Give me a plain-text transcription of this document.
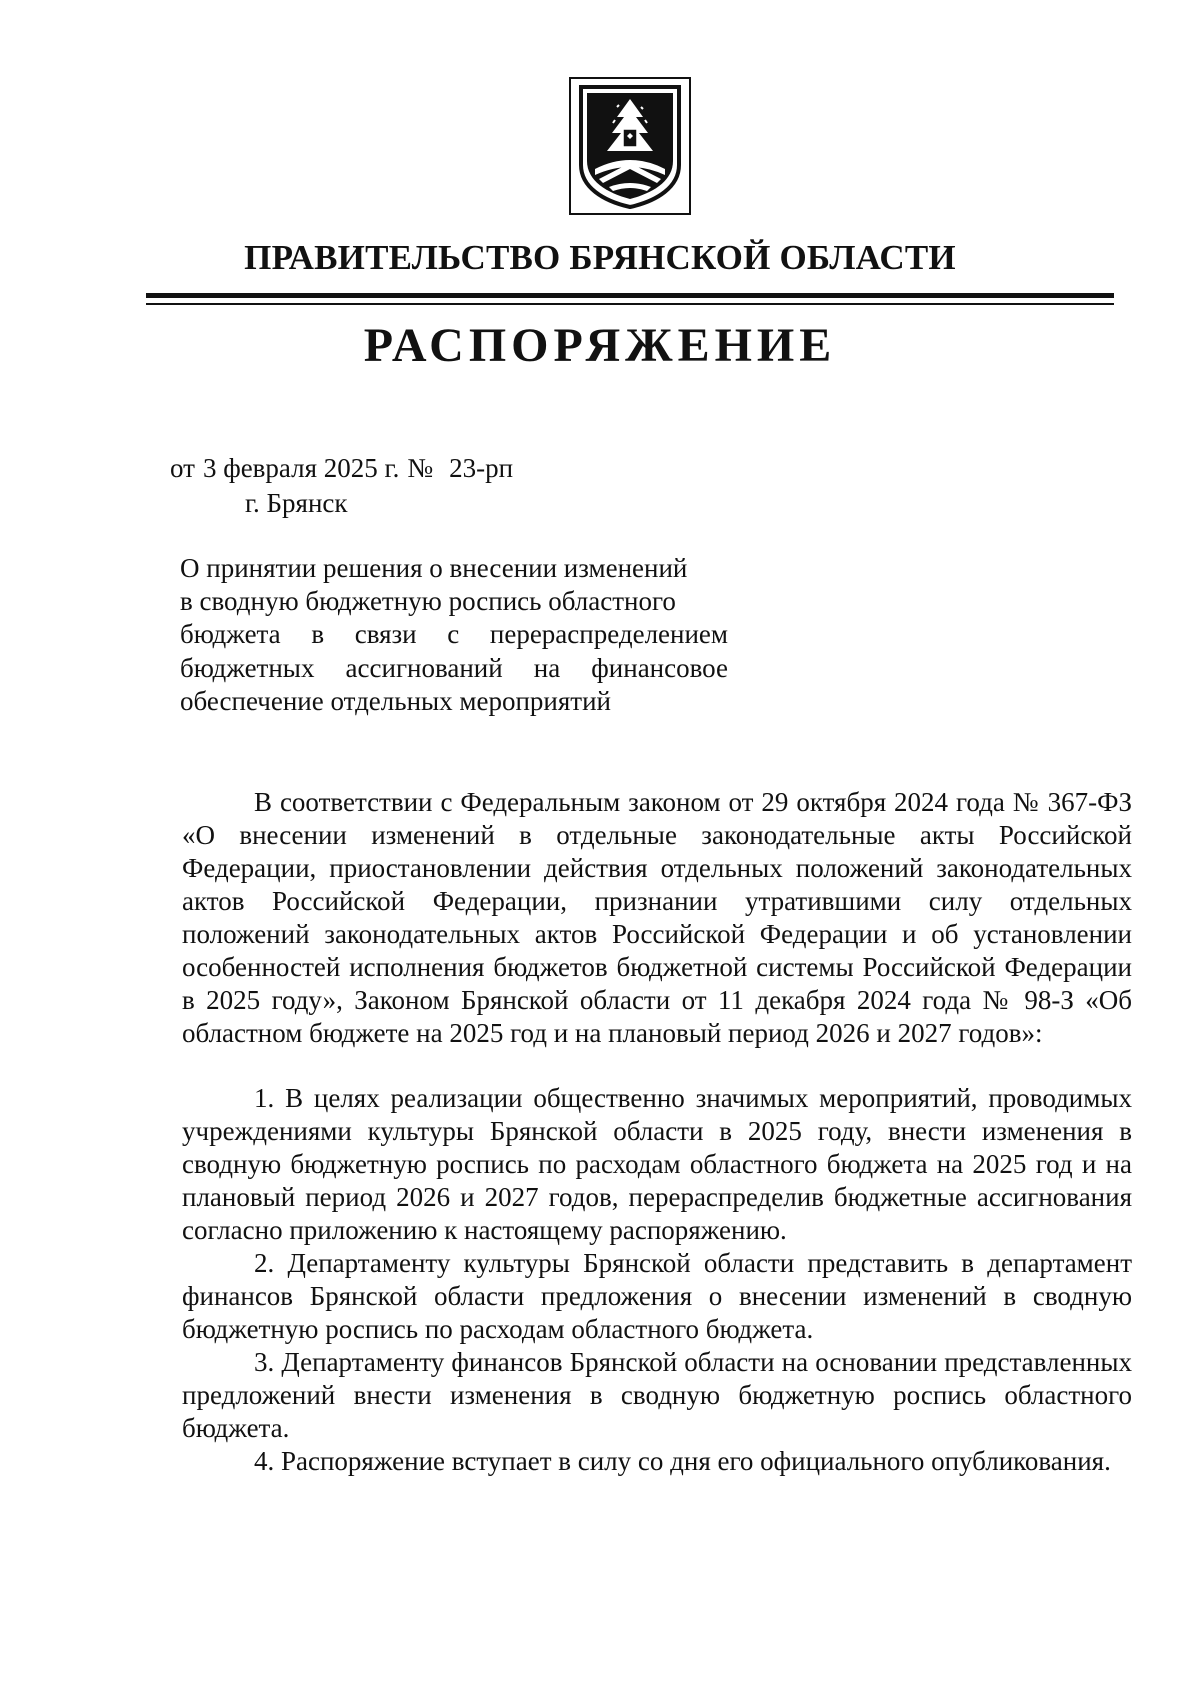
ПРАВИТЕЛЬСТВО БРЯНСКОЙ ОБЛАСТИ
РАСПОРЯЖЕНИЕ
от 3 февраля 2025 г. № 23-рп
г. Брянск
О принятии решения о внесении изменений
в сводную бюджетную роспись областного
бюджета в связи с перераспределением
бюджетных ассигнований на финансовое
обеспечение отдельных мероприятий

В соответствии с Федеральным законом от 29 октября 2024 года № 367-ФЗ «О внесении изменений в отдельные законодательные акты Российской Федерации, приостановлении действия отдельных положений законодательных актов Российской Федерации, признании утратившими силу отдельных положений законодательных актов Российской Федерации и об установлении особенностей исполнения бюджетов бюджетной системы Российской Федерации в 2025 году», Законом Брянской области от 11 декабря 2024 года № 98-З «Об областном бюджете на 2025 год и на плановый период 2026 и 2027 годов»:

1. В целях реализации общественно значимых мероприятий, проводимых учреждениями культуры Брянской области в 2025 году, внести изменения в сводную бюджетную роспись по расходам областного бюджета на 2025 год и на плановый период 2026 и 2027 годов, перераспределив бюджетные ассигнования согласно приложению к настоящему распоряжению.

2. Департаменту культуры Брянской области представить в департамент финансов Брянской области предложения о внесении изменений в сводную бюджетную роспись по расходам областного бюджета.

3. Департаменту финансов Брянской области на основании представленных предложений внести изменения в сводную бюджетную роспись областного бюджета.

4. Распоряжение вступает в силу со дня его официального опубликования.
